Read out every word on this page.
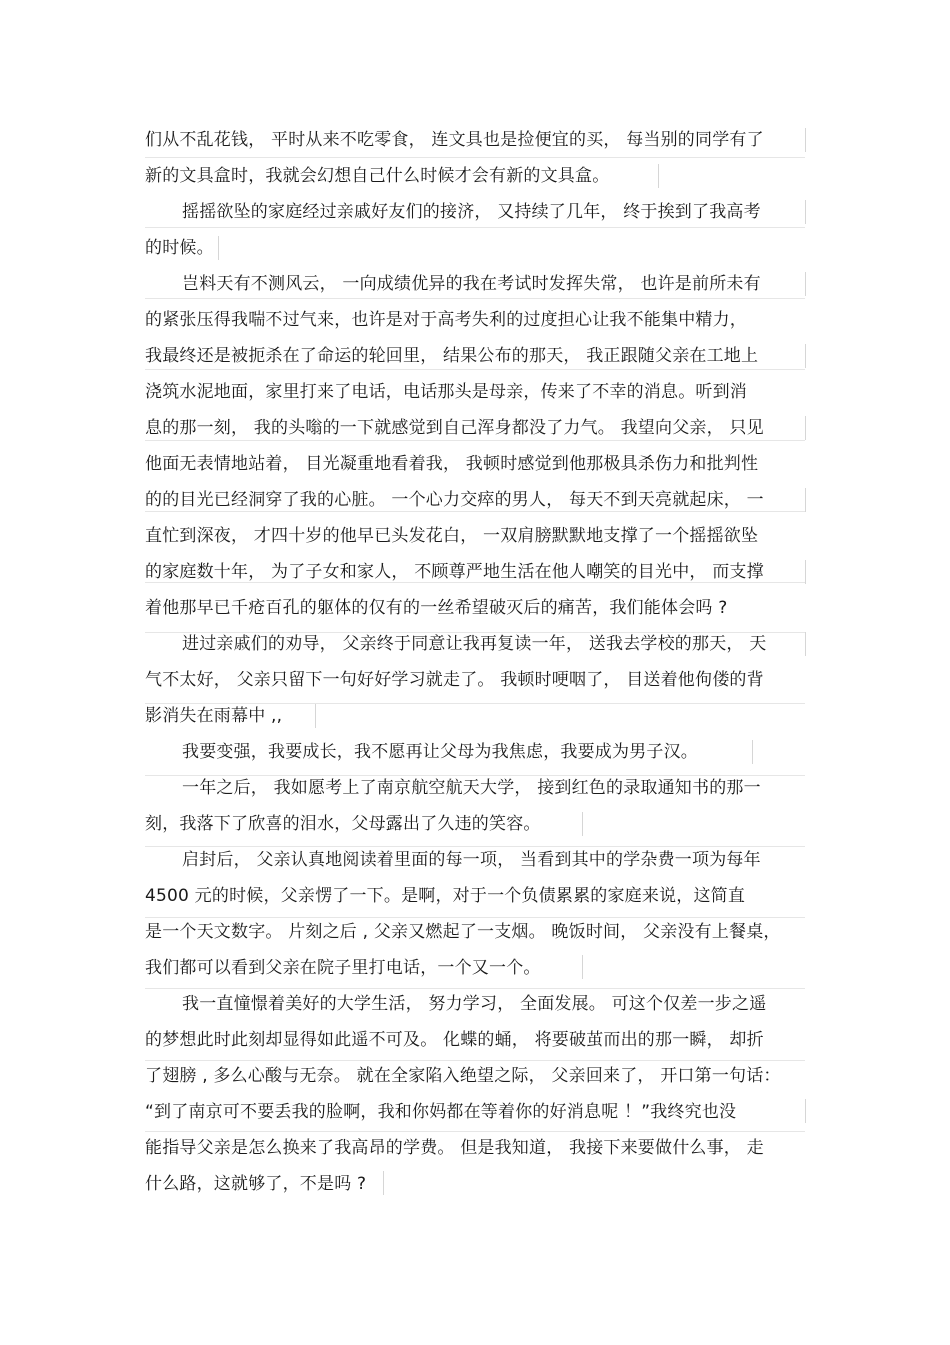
们从不乱花钱， 平时从来不吃零食， 连文具也是捡便宜的买， 每当别的同学有了
新的文具盒时，我就会幻想自己什么时候才会有新的文具盒。
摇摇欲坠的家庭经过亲戚好友们的接济， 又持续了几年， 终于挨到了我高考
的时候。
岂料天有不测风云， 一向成绩优异的我在考试时发挥失常， 也许是前所未有
的紧张压得我喘不过气来，也许是对于高考失利的过度担心让我不能集中精力，
我最终还是被扼杀在了命运的轮回里， 结果公布的那天， 我正跟随父亲在工地上
浇筑水泥地面，家里打来了电话，电话那头是母亲，传来了不幸的消息。听到消
息的那一刻， 我的头嗡的一下就感觉到自己浑身都没了力气。 我望向父亲， 只见
他面无表情地站着， 目光凝重地看着我， 我顿时感觉到他那极具杀伤力和批判性
的的目光已经洞穿了我的心脏。 一个心力交瘁的男人， 每天不到天亮就起床， 一
直忙到深夜， 才四十岁的他早已头发花白， 一双肩膀默默地支撑了一个摇摇欲坠
的家庭数十年， 为了子女和家人， 不顾尊严地生活在他人嘲笑的目光中， 而支撑
着他那早已千疮百孔的躯体的仅有的一丝希望破灭后的痛苦，我们能体会吗 ?
进过亲戚们的劝导， 父亲终于同意让我再复读一年， 送我去学校的那天， 天
气不太好， 父亲只留下一句好好学习就走了。 我顿时哽咽了， 目送着他佝偻的背
影消失在雨幕中 ,,
我要变强，我要成长，我不愿再让父母为我焦虑，我要成为男子汉。
一年之后， 我如愿考上了南京航空航天大学， 接到红色的录取通知书的那一
刻，我落下了欣喜的泪水，父母露出了久违的笑容。
启封后， 父亲认真地阅读着里面的每一项， 当看到其中的学杂费一项为每年
4500 元的时候，父亲愣了一下。是啊，对于一个负债累累的家庭来说，这简直
是一个天文数字。 片刻之后 , 父亲又燃起了一支烟。 晚饭时间， 父亲没有上餐桌，
我们都可以看到父亲在院子里打电话，一个又一个。
我一直憧憬着美好的大学生活， 努力学习， 全面发展。 可这个仅差一步之遥
的梦想此时此刻却显得如此遥不可及。 化蝶的蛹， 将要破茧而出的那一瞬， 却折
了翅膀 , 多么心酸与无奈。 就在全家陷入绝望之际， 父亲回来了， 开口第一句话：
“到了南京可不要丢我的脸啊，我和你妈都在等着你的好消息呢 ！”我终究也没
能指导父亲是怎么换来了我高昂的学费。 但是我知道， 我接下来要做什么事， 走
什么路，这就够了，不是吗 ?
